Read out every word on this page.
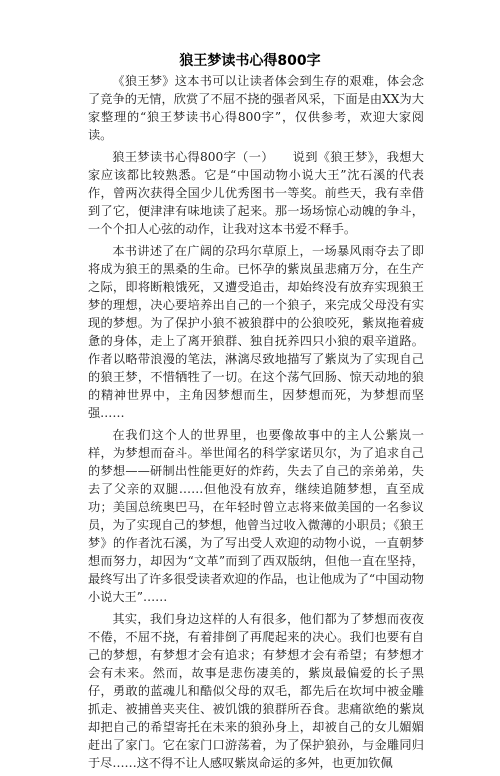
狼王梦读书心得800字

《狼王梦》这本书可以让读者体会到生存的艰难，体会念了竞争的无情，欣赏了不屈不挠的强者风采，下面是由XX为大家整理的“狼王梦读书心得800字”，仅供参考，欢迎大家阅读。

狼王梦读书心得800字（一）　　说到《狼王梦》，我想大家应该都比较熟悉。它是“中国动物小说大王”沈石溪的代表作，曾两次获得全国少儿优秀图书一等奖。前些天，我有幸借到了它，便津津有味地读了起来。那一场场惊心动魄的争斗，一个个扣人心弦的动作，让我对这本书爱不释手。

本书讲述了在广阔的尕玛尔草原上，一场暴风雨夺去了即将成为狼王的黑桑的生命。已怀孕的紫岚虽悲痛万分，在生产之际，即将断粮饿死，又遭受追击，却始终没有放弃实现狼王梦的理想，决心要培养出自己的一个狼子，来完成父母没有实现的梦想。为了保护小狼不被狼群中的公狼咬死，紫岚拖着疲惫的身体，走上了离开狼群、独自抚养四只小狼的艰辛道路。作者以略带浪漫的笔法，淋漓尽致地描写了紫岚为了实现自己的狼王梦，不惜牺牲了一切。在这个荡气回肠、惊天动地的狼的精神世界中，主角因梦想而生，因梦想而死，为梦想而坚强……

在我们这个人的世界里，也要像故事中的主人公紫岚一样，为梦想而奋斗。举世闻名的科学家诺贝尔，为了追求自己的梦想——研制出性能更好的炸药，失去了自己的亲弟弟，失去了父亲的双腿……但他没有放弃，继续追随梦想，直至成功；美国总统奥巴马，在年轻时曾立志将来做美国的一名参议员，为了实现自己的梦想，他曾当过收入微薄的小职员；《狼王梦》的作者沈石溪，为了写出受人欢迎的动物小说，一直朝梦想而努力，却因为“文革”而到了西双版纳，但他一直在坚持，最终写出了许多很受读者欢迎的作品，也让他成为了“中国动物小说大王”……

其实，我们身边这样的人有很多，他们都为了梦想而夜夜不倦，不屈不挠，有着排倒了再爬起来的决心。我们也要有自己的梦想，有梦想才会有追求；有梦想才会有希望；有梦想才会有未来。然而，故事是悲伤凄美的，紫岚最偏爱的长子黑仔，勇敢的蓝魂儿和酷似父母的双毛，都先后在坎坷中被金雕抓走、被捕兽夹夹住、被饥饿的狼群所吞食。悲痛欲绝的紫岚却把自己的希望寄托在未来的狼孙身上，却被自己的女儿媚媚赶出了家门。它在家门口游荡着，为了保护狼孙，与金雕同归于尽……这不得不让人感叹紫岚命运的多舛，也更加钦佩
